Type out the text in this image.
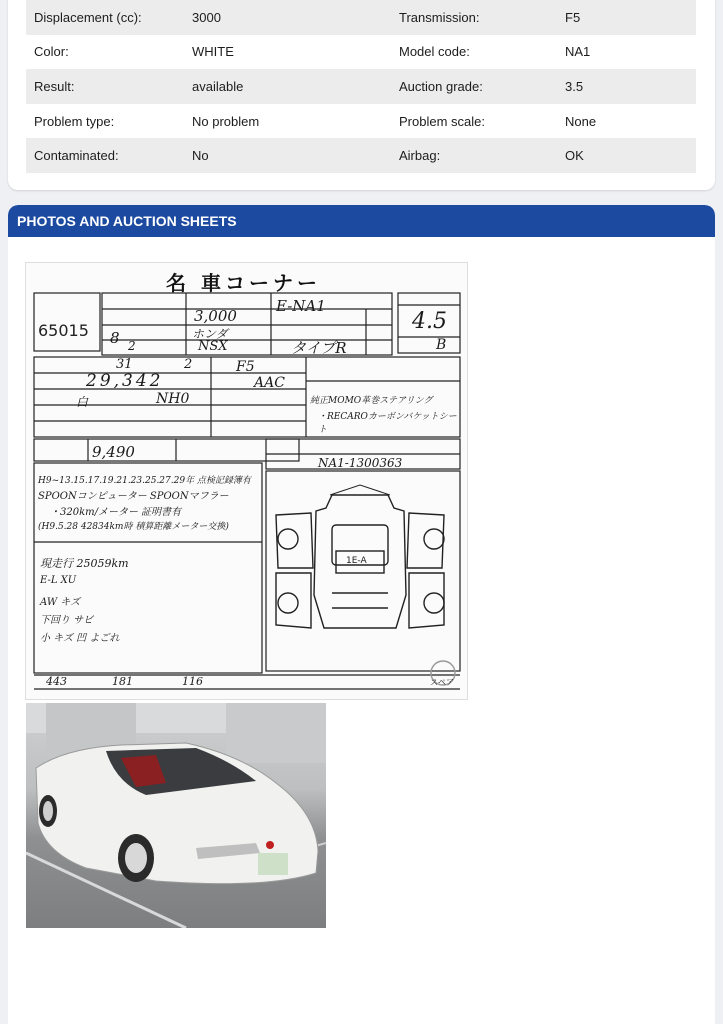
Displacement (cc):	3000	Transmission:	F5
Color:	WHITE	Model code:	NA1
Result:	available	Auction grade:	3.5
Problem type:	No problem	Problem scale:	None
Contaminated:	No	Airbag:	OK
PHOTOS AND AUCTION SHEETS
名 車コーナー
1E-A
65015
3,000
E-NA1
4.5
B
ホンダ
NSX
8 2	タイプR
31	2
29,342
F5
AAC
NH0
白
9,490
NA1-1300363
H9~13.15.17.19.21.23.25.27.29年 点検記録簿有
SPOONコンピューター SPOONマフラー
・320km/メーター 証明書有
(H9.5.28 42834km時 積算距離メーター交換)
純正MOMO革巻ステアリング
・RECAROカーボンバケットシート
現走行 25059km
E-L XU
AW キズ
下回り サビ
小 キズ 凹 よごれ
443	181	116	スペア
